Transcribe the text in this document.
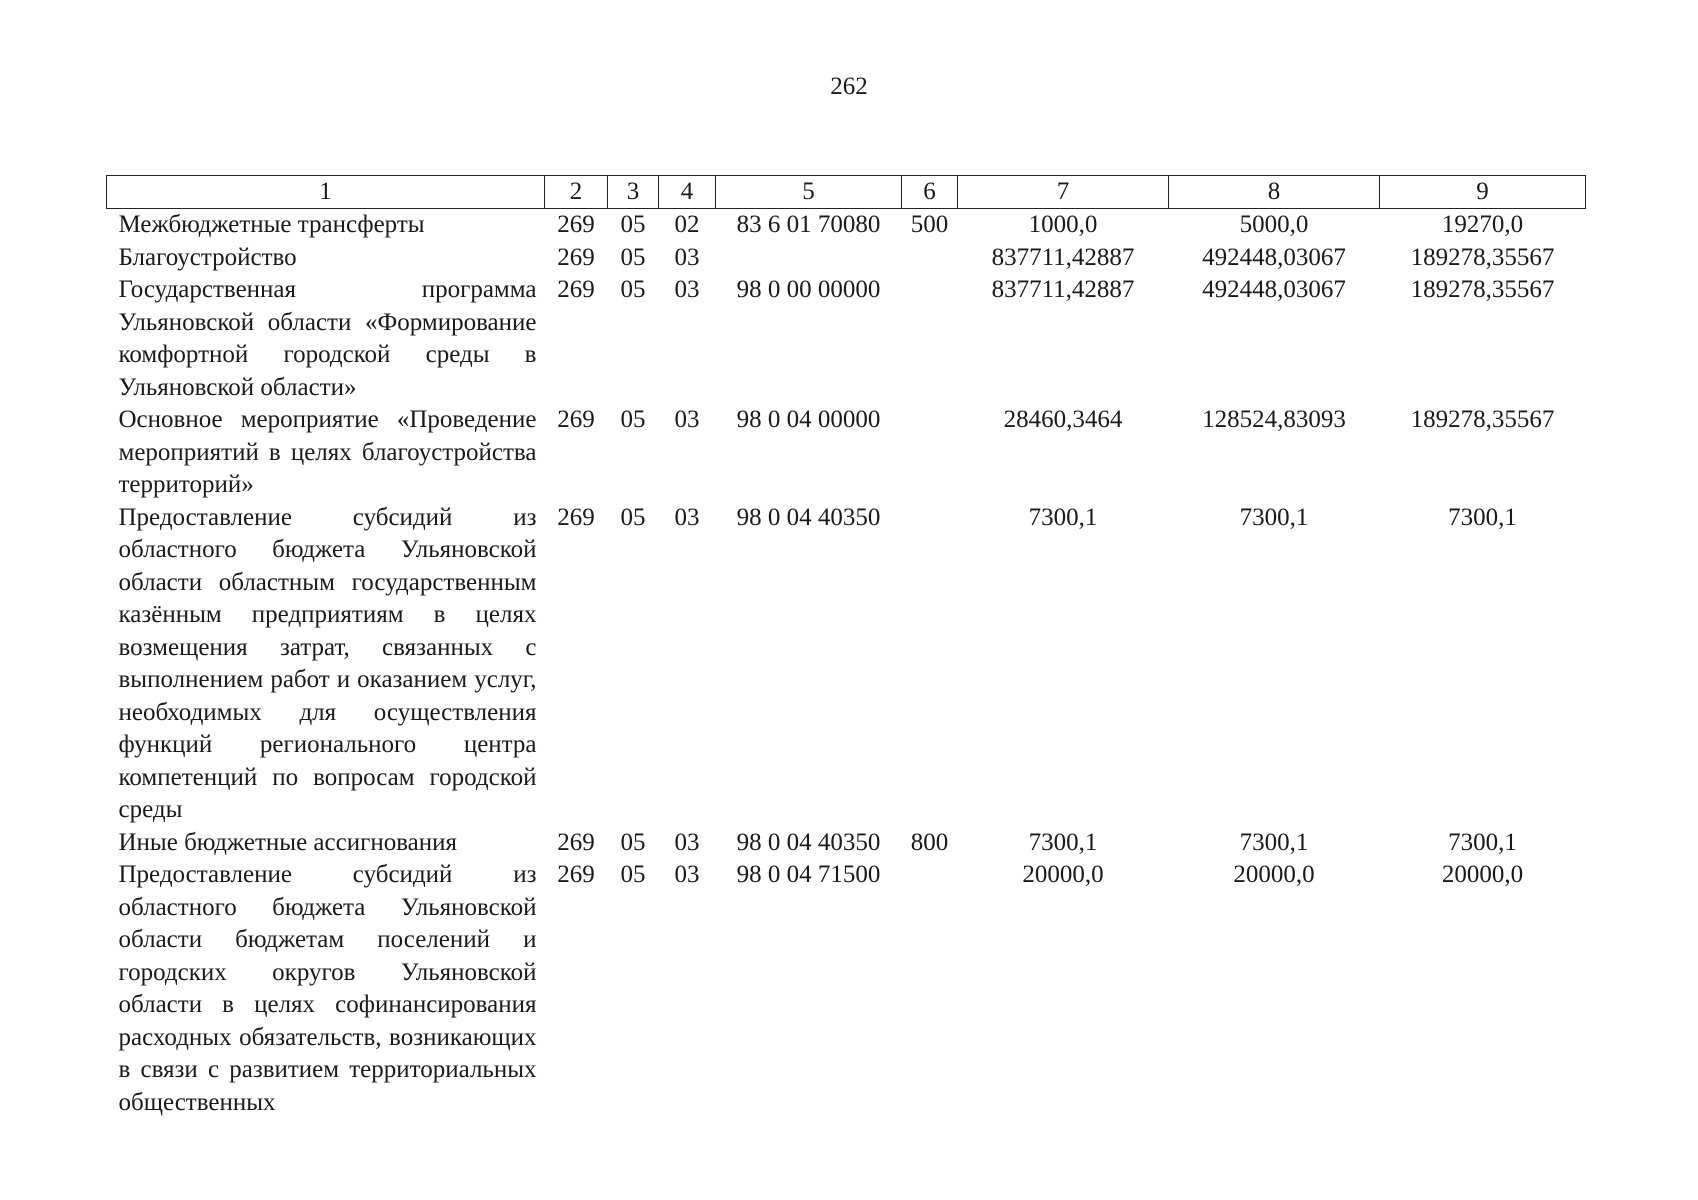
262
1	2	3	4	5	6	7	8	9
Межбюджетные трансферты	269	05	02	83 6 01 70080	500	1000,0	5000,0	19270,0
Благоустройство	269	05	03			837711,42887	492448,03067	189278,35567
Государственная программа Ульяновской области «Формирование комфортной городской среды в Ульяновской области»	269	05	03	98 0 00 00000		837711,42887	492448,03067	189278,35567
Основное мероприятие «Проведение мероприятий в целях благоустройства территорий»	269	05	03	98 0 04 00000		28460,3464	128524,83093	189278,35567
Предоставление субсидий из областного бюджета Ульяновской области областным государственным казённым предприятиям в целях возмещения затрат, связанных с выполнением работ и оказанием услуг, необходимых для осуществления функций регионального центра компетенций по вопросам городской среды	269	05	03	98 0 04 40350		7300,1	7300,1	7300,1
Иные бюджетные ассигнования	269	05	03	98 0 04 40350	800	7300,1	7300,1	7300,1
Предоставление субсидий из областного бюджета Ульяновской области бюджетам поселений и городских округов Ульяновской области в целях софинансирования расходных обязательств, возникающих в связи с развитием территориальных общественных	269	05	03	98 0 04 71500		20000,0	20000,0	20000,0
